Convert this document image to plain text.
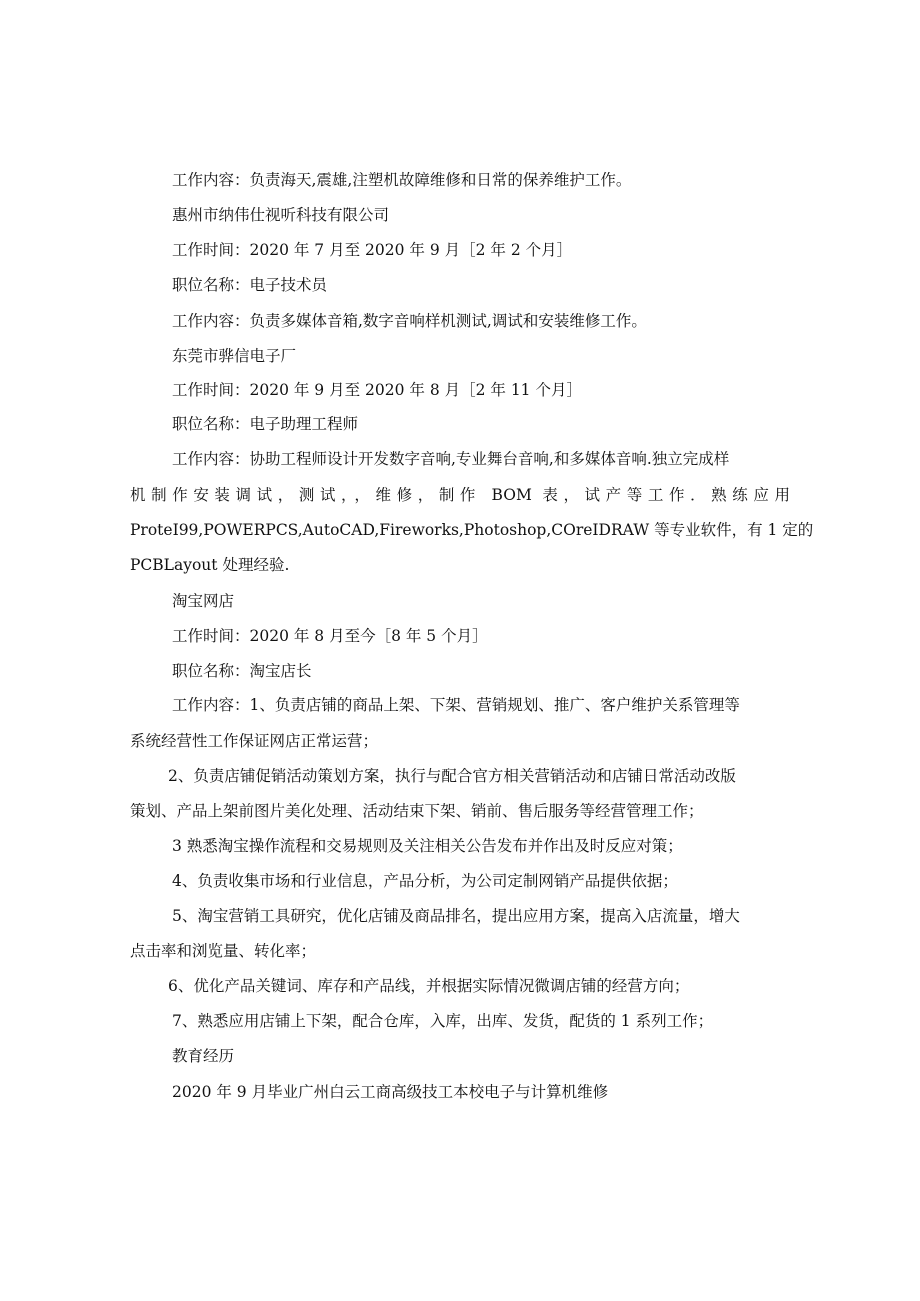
工作内容：负责海天,震雄,注塑机故障维修和日常的保养维护工作。

惠州市纳伟仕视听科技有限公司

工作时间：2020 年 7 月至 2020 年 9 月［2 年 2 个月］

职位名称：电子技术员

工作内容：负责多媒体音箱,数字音响样机测试,调试和安装维修工作。

东莞市骅信电子厂

工作时间：2020 年 9 月至 2020 年 8 月［2 年 11 个月］

职位名称：电子助理工程师

工作内容：协助工程师设计开发数字音响,专业舞台音响,和多媒体音响.独立完成样

机制作安装调试，测试，，维修，制作 BOM 表，试产等工作．熟练应用

ProteI99,POWERPCS,AutoCAD,Fireworks,Photoshop,COreIDRAW 等专业软件，有 1 定的

PCBLayout 处理经验.

淘宝网店

工作时间：2020 年 8 月至今［8 年 5 个月］

职位名称：淘宝店长

工作内容：1、负责店铺的商品上架、下架、营销规划、推广、客户维护关系管理等

系统经营性工作保证网店正常运营；

2、负责店铺促销活动策划方案，执行与配合官方相关营销活动和店铺日常活动改版

策划、产品上架前图片美化处理、活动结束下架、销前、售后服务等经营管理工作；

3 熟悉淘宝操作流程和交易规则及关注相关公告发布并作出及时反应对策；

4、负责收集市场和行业信息，产品分析，为公司定制网销产品提供依据；

5、淘宝营销工具研究，优化店铺及商品排名，提出应用方案，提高入店流量，增大

点击率和浏览量、转化率；

6、优化产品关键词、库存和产品线，并根据实际情况微调店铺的经营方向；

7、熟悉应用店铺上下架，配合仓库，入库，出库、发货，配货的 1 系列工作；

教育经历

2020 年 9 月毕业广州白云工商高级技工本校电子与计算机维修
